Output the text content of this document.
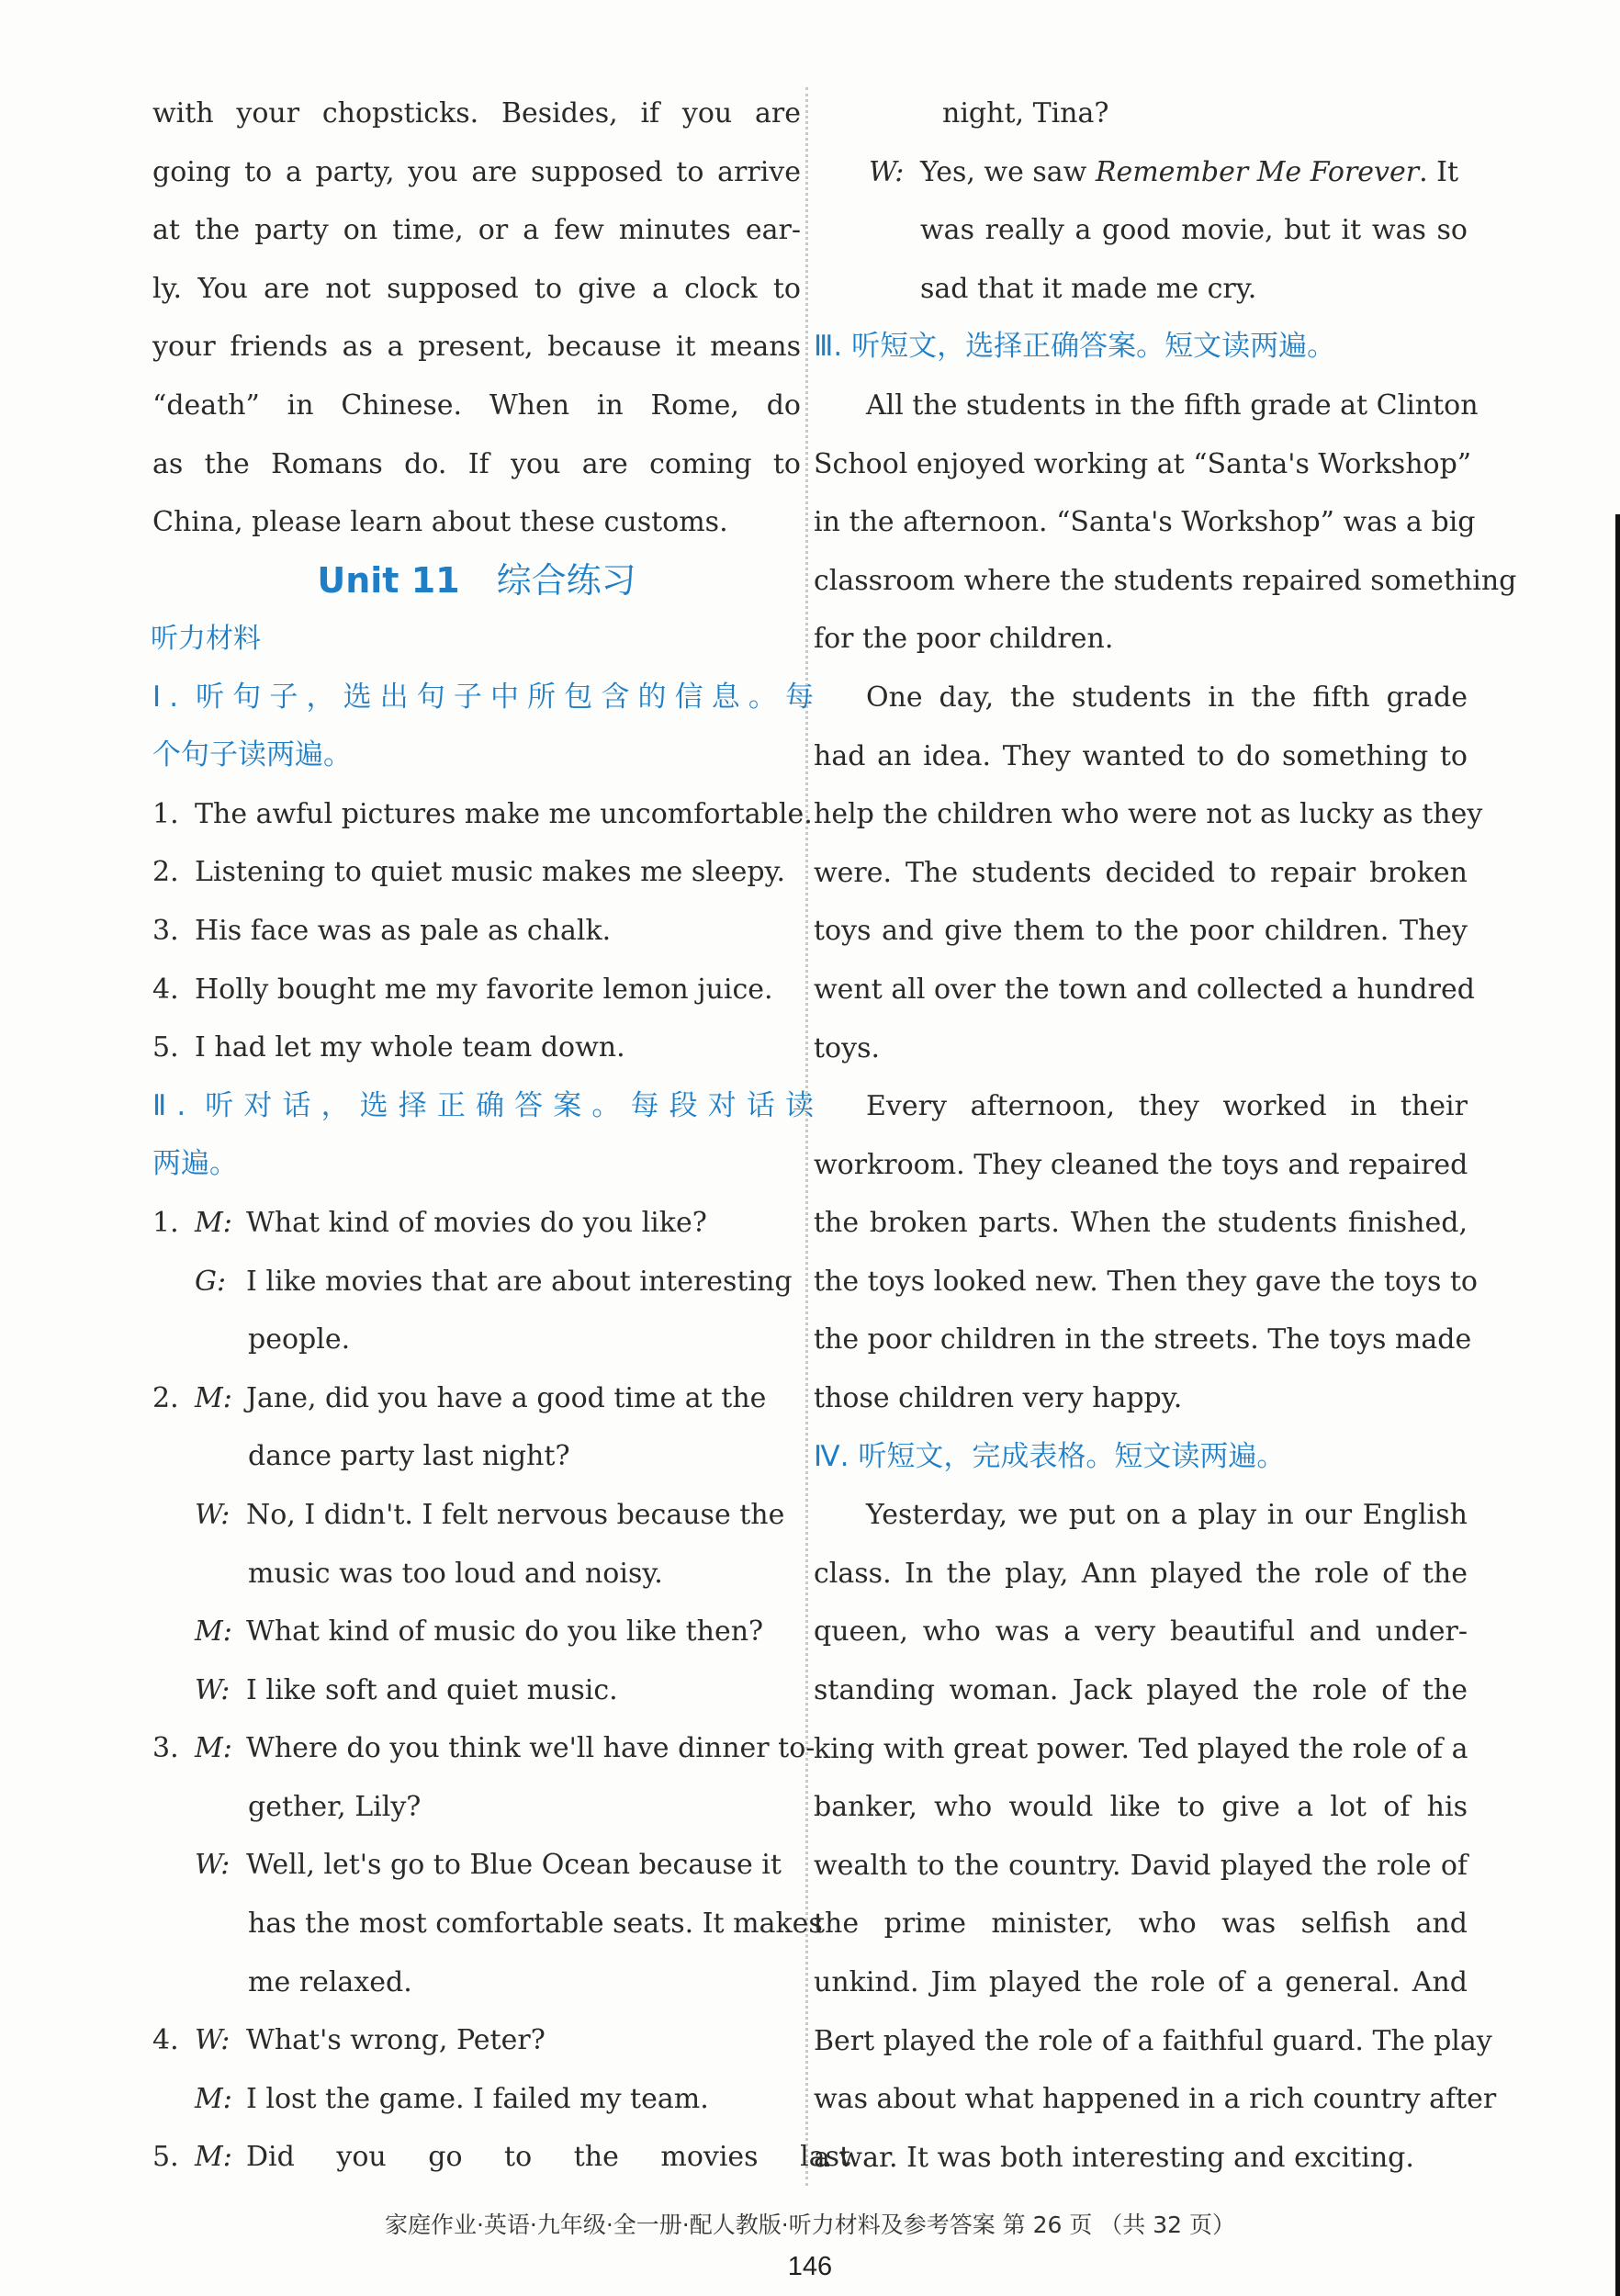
with your chopsticks. Besides, if you are
going to a party, you are supposed to arrive
at the party on time, or a few minutes ear-
ly. You are not supposed to give a clock to
your friends as a present, because it means
“death” in Chinese. When in Rome, do
as the Romans do. If you are coming to
China, please learn about these customs.
Unit 11 综合练习
听力材料
Ⅰ. 听句子，选出句子中所包含的信息。每
个句子读两遍。
1. The awful pictures make me uncomfortable.
2. Listening to quiet music makes me sleepy.
3. His face was as pale as chalk.
4. Holly bought me my favorite lemon juice.
5. I had let my whole team down.
Ⅱ. 听对话，选择正确答案。每段对话读
两遍。
1. M: What kind of movies do you like?
G: I like movies that are about interesting
people.
2. M: Jane, did you have a good time at the
dance party last night?
W: No, I didn't. I felt nervous because the
music was too loud and noisy.
M: What kind of music do you like then?
W: I like soft and quiet music.
3. M: Where do you think we'll have dinner to-
gether, Lily?
W: Well, let's go to Blue Ocean because it
has the most comfortable seats. It makes
me relaxed.
4. W: What's wrong, Peter?
M: I lost the game. I failed my team.
5. M: Did you go to the movies last
night, Tina?
W: Yes, we saw Remember Me Forever. It
was really a good movie, but it was so
sad that it made me cry.
Ⅲ. 听短文，选择正确答案。短文读两遍。
All the students in the fifth grade at Clinton
School enjoyed working at “Santa's Workshop”
in the afternoon. “Santa's Workshop” was a big
classroom where the students repaired something
for the poor children.
One day, the students in the fifth grade
had an idea. They wanted to do something to
help the children who were not as lucky as they
were. The students decided to repair broken
toys and give them to the poor children. They
went all over the town and collected a hundred
toys.
Every afternoon, they worked in their
workroom. They cleaned the toys and repaired
the broken parts. When the students finished,
the toys looked new. Then they gave the toys to
the poor children in the streets. The toys made
those children very happy.
Ⅳ. 听短文，完成表格。短文读两遍。
Yesterday, we put on a play in our English
class. In the play, Ann played the role of the
queen, who was a very beautiful and under-
standing woman. Jack played the role of the
king with great power. Ted played the role of a
banker, who would like to give a lot of his
wealth to the country. David played the role of
the prime minister, who was selfish and
unkind. Jim played the role of a general. And
Bert played the role of a faithful guard. The play
was about what happened in a rich country after
a war. It was both interesting and exciting.
家庭作业·英语·九年级·全一册·配人教版·听力材料及参考答案 第 26 页 （共 32 页）
146
